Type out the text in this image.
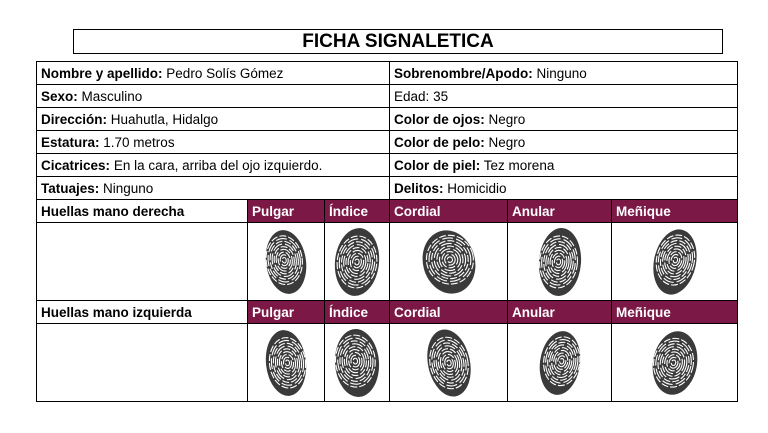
FICHA SIGNALETICA
Nombre y apellido: Pedro Solís Gómez			Sobrenombre/Apodo: Ninguno		
Sexo: Masculino			Edad: 35		
Dirección: Huahutla, Hidalgo			Color de ojos: Negro		
Estatura: 1.70 metros			Color de pelo: Negro		
Cicatrices: En la cara, arriba del ojo izquierdo.			Color de piel: Tez morena		
Tatuajes: Ninguno			Delitos: Homicidio		
Huellas mano derecha	Pulgar	Índice	Cordial	Anular	Meñique

Huellas mano izquierda	Pulgar	Índice	Cordial	Anular	Meñique
